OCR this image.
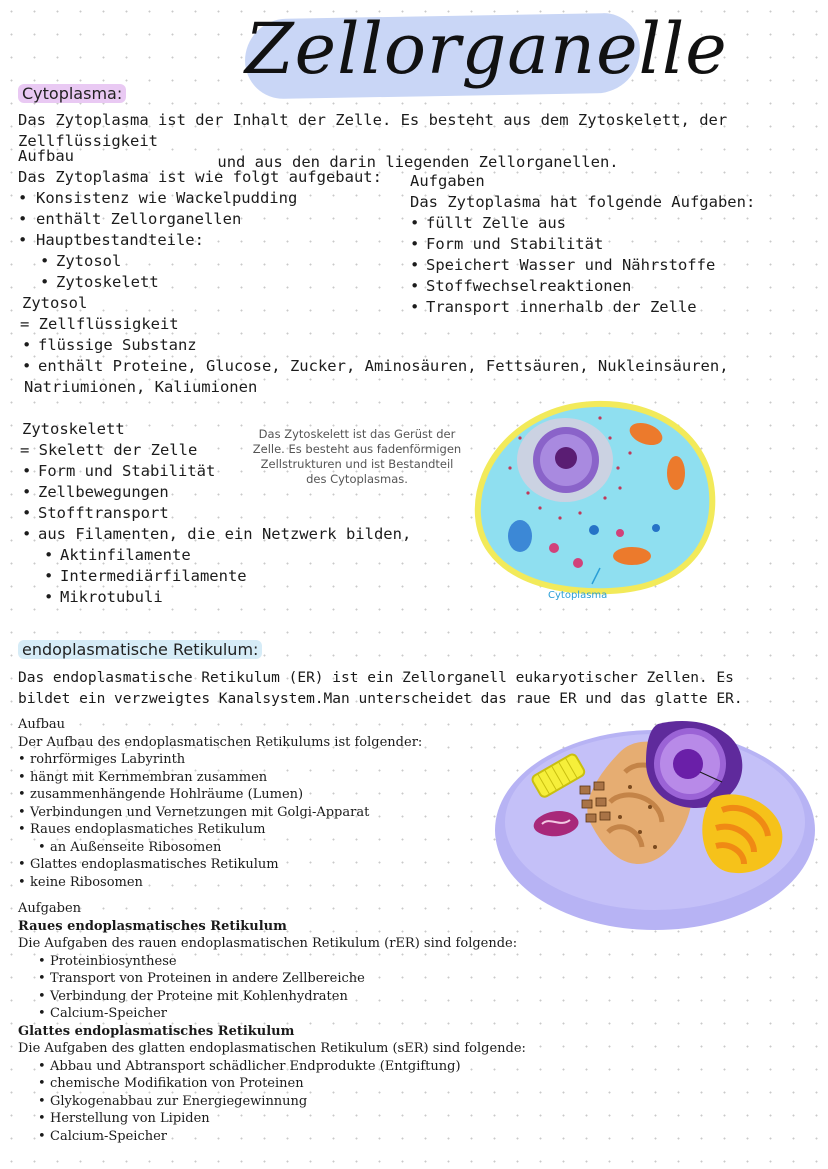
Zellorganelle
Cytoplasma:

Das Zytoplasma ist der Inhalt der Zelle. Es besteht aus dem Zytoskelett, der Zellflüssigkeit

und aus den darin liegenden Zellorganellen.

Aufbau

Das Zytoplasma ist wie folgt aufgebaut:

• Konsistenz wie Wackelpudding
• enthält Zellorganellen
• Hauptbestandteile:
• Zytosol
• Zytoskelett

Aufgaben

Das Zytoplasma hat folgende Aufgaben:

• füllt Zelle aus
• Form und Stabilität
• Speichert Wasser und Nährstoffe
• Stoffwechselreaktionen
• Transport innerhalb der Zelle

Zytosol

= Zellflüssigkeit

• flüssige Substanz
• enthält Proteine, Glucose, Zucker, Aminosäuren, Fettsäuren, Nukleinsäuren,

Natriumionen, Kaliumionen

Zytoskelett

= Skelett der Zelle

• Form und Stabilität
• Zellbewegungen
• Stofftransport
• aus Filamenten, die ein Netzwerk bilden,
• Aktinfilamente
• Intermediärfilamente
• Mikrotubuli
Das Zytoskelett ist das Gerüst der
Zelle. Es besteht aus fadenförmigen
Zellstrukturen und ist Bestandteil
des Cytoplasmas.
Cytoplasma
endoplasmatische Retikulum:
Das endoplasmatische Retikulum (ER) ist ein Zellorganell eukaryotischer Zellen. Es
bildet ein verzweigtes Kanalsystem.Man unterscheidet das raue ER und das glatte ER.

Aufbau

Der Aufbau des endoplasmatischen Retikulums ist folgender:

• rohrförmiges Labyrinth
• hängt mit Kernmembran zusammen
• zusammenhängende Hohlräume (Lumen)
• Verbindungen und Vernetzungen mit Golgi-Apparat
• Raues endoplasmatiches Retikulum
• an Außenseite Ribosomen
• Glattes endoplasmatisches Retikulum
• keine Ribosomen

Aufgaben

Raues endoplasmatisches Retikulum

Die Aufgaben des rauen endoplasmatischen Retikulum (rER) sind folgende:

• Proteinbiosynthese
• Transport von Proteinen in andere Zellbereiche
• Verbindung der Proteine mit Kohlenhydraten
• Calcium-Speicher

Glattes endoplasmatisches Retikulum

Die Aufgaben des glatten endoplasmatischen Retikulum (sER) sind folgende:

• Abbau und Abtransport schädlicher Endprodukte (Entgiftung)
• chemische Modifikation von Proteinen
• Glykogenabbau zur Energiegewinnung
• Herstellung von Lipiden
• Calcium-Speicher
